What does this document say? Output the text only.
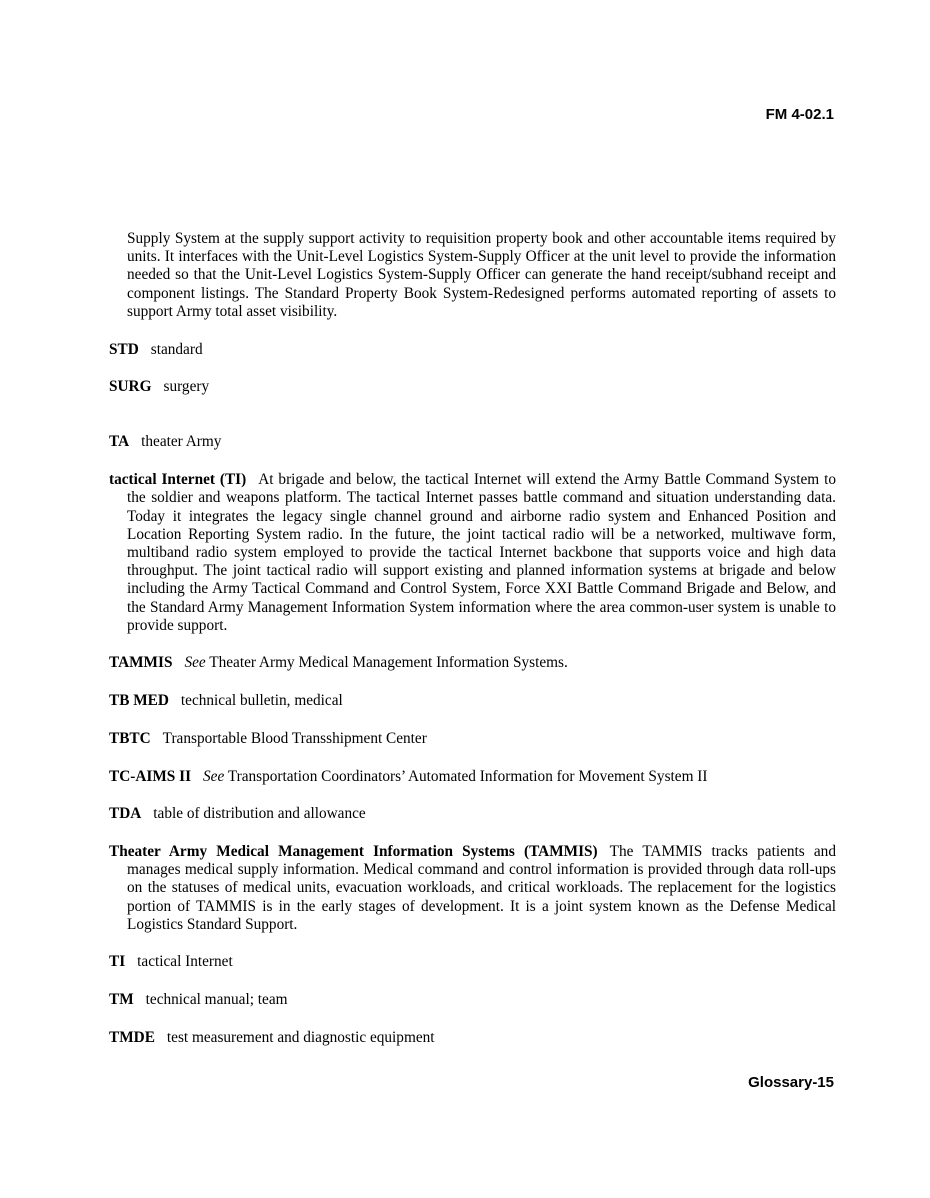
FM 4-02.1

Supply System at the supply support activity to requisition property book and other accountable items required by units. It interfaces with the Unit-Level Logistics System-Supply Officer at the unit level to provide the information needed so that the Unit-Level Logistics System-Supply Officer can generate the hand receipt/subhand receipt and component listings. The Standard Property Book System-Redesigned performs automated reporting of assets to support Army total asset visibility.

STD standard

SURG surgery

TA theater Army

tactical Internet (TI) At brigade and below, the tactical Internet will extend the Army Battle Command System to the soldier and weapons platform. The tactical Internet passes battle command and situation understanding data. Today it integrates the legacy single channel ground and airborne radio system and Enhanced Position and Location Reporting System radio. In the future, the joint tactical radio will be a networked, multiwave form, multiband radio system employed to provide the tactical Internet backbone that supports voice and high data throughput. The joint tactical radio will support existing and planned information systems at brigade and below including the Army Tactical Command and Control System, Force XXI Battle Command Brigade and Below, and the Standard Army Management Information System information where the area common-user system is unable to provide support.

TAMMIS See Theater Army Medical Management Information Systems.

TB MED technical bulletin, medical

TBTC Transportable Blood Transshipment Center

TC-AIMS II See Transportation Coordinators’ Automated Information for Movement System II

TDA table of distribution and allowance

Theater Army Medical Management Information Systems (TAMMIS) The TAMMIS tracks patients and manages medical supply information. Medical command and control information is provided through data roll-ups on the statuses of medical units, evacuation workloads, and critical workloads. The replacement for the logistics portion of TAMMIS is in the early stages of development. It is a joint system known as the Defense Medical Logistics Standard Support.

TI tactical Internet

TM technical manual; team

TMDE test measurement and diagnostic equipment

Glossary-15
